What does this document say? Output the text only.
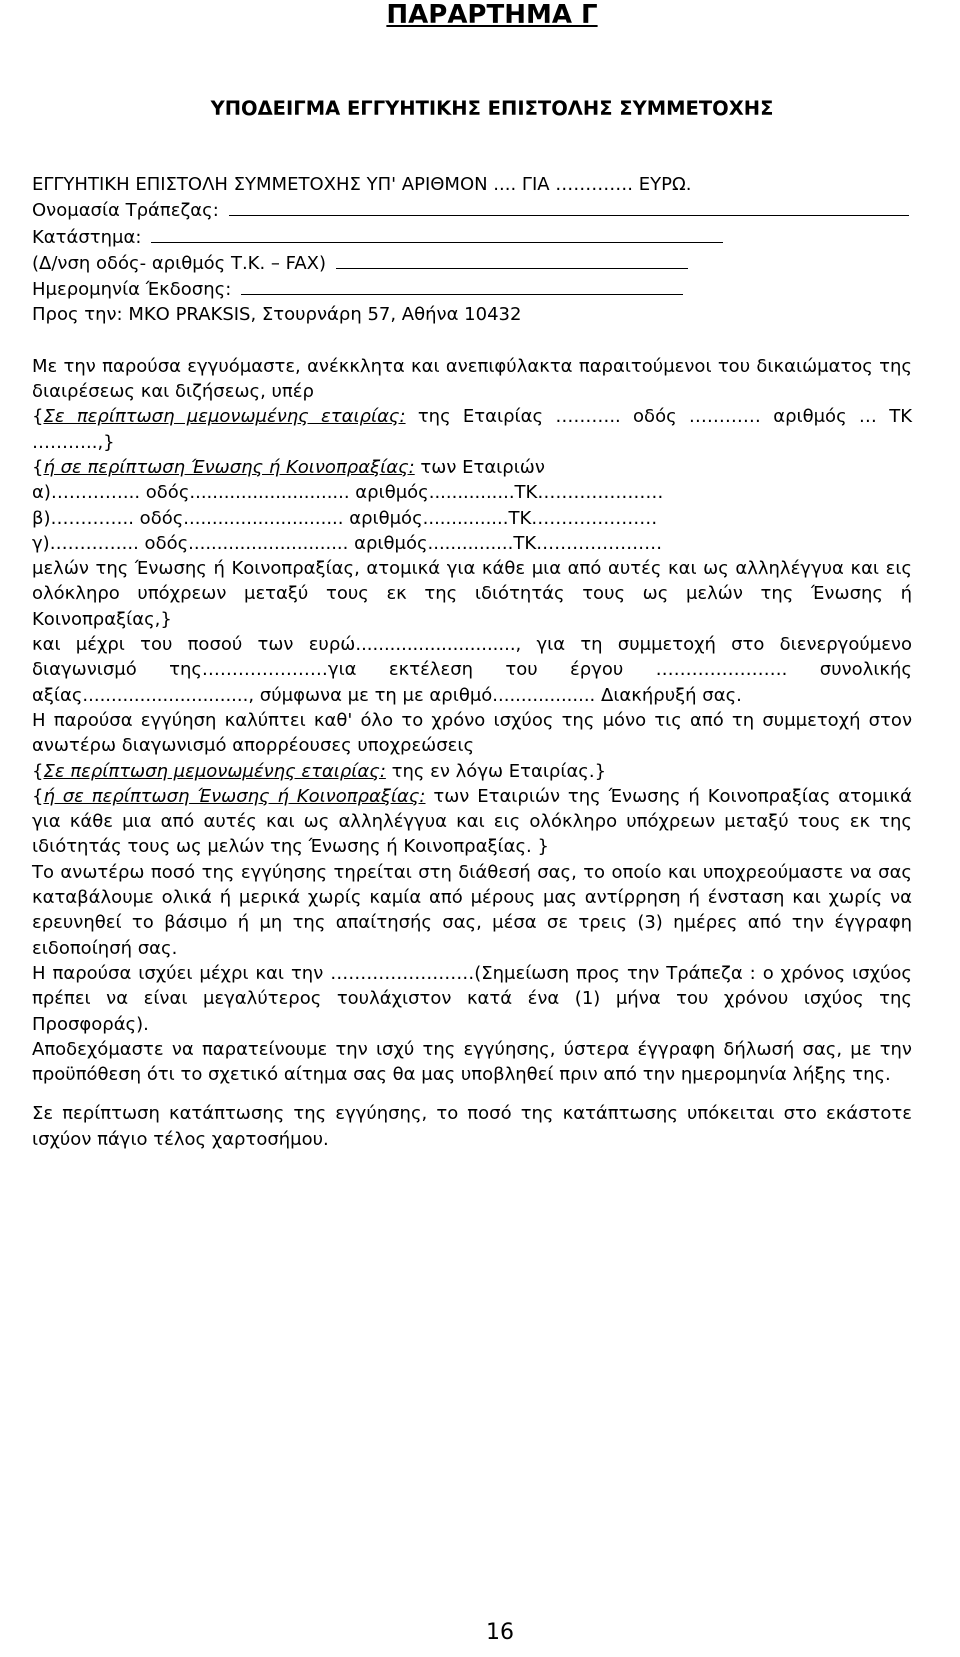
ΠΑΡΑΡΤΗΜΑ Γ
ΥΠΟΔΕΙΓΜΑ ΕΓΓΥΗΤΙΚΗΣ ΕΠΙΣΤΟΛΗΣ ΣΥΜΜΕΤΟΧΗΣ
ΕΓΓΥΗΤΙΚΗ ΕΠΙΣΤΟΛΗ ΣΥΜΜΕΤΟΧΗΣ ΥΠ' ΑΡΙΘΜΟΝ .... ΓΙΑ …………. ΕΥΡΩ.
Ονομασία Τράπεζας:
Κατάστημα:
(Δ/νση οδός- αριθμός Τ.Κ. – FAX)
Ημερομηνία Έκδοσης:
Προς την: ΜΚΟ PRAKSIS, Στουρνάρη 57, Αθήνα 10432

Με την παρούσα εγγυόμαστε, ανέκκλητα και ανεπιφύλακτα παραιτούμενοι του δικαιώματος της διαιρέσεως και διζήσεως, υπέρ

{Σε περίπτωση μεμονωμένης εταιρίας: της Εταιρίας ……….. οδός ………… αριθμός … ΤΚ ………..,}

{ή σε περίπτωση Ένωσης ή Κοινοπραξίας: των Εταιριών

α)…………... οδός............................ αριθμός...............ΤΚ…………………

β)………….. οδός............................ αριθμός...............ΤΚ…………………

γ)…………... οδός............................ αριθμός...............ΤΚ…………………

μελών της Ένωσης ή Κοινοπραξίας, ατομικά για κάθε μια από αυτές και ως αλληλέγγυα και εις ολόκληρο υπόχρεων μεταξύ τους εκ της ιδιότητάς τους ως μελών της Ένωσης ή Κοινοπραξίας,}

και μέχρι του ποσού των ευρώ............................, για τη συμμετοχή στο διενεργούμενο διαγωνισμό της…………………για εκτέλεση του έργου …………………. συνολικής αξίας............................., σύμφωνα με τη με αριθμό.................. Διακήρυξή σας.

Η παρούσα εγγύηση καλύπτει καθ' όλο το χρόνο ισχύος της μόνο τις από τη συμμετοχή στον ανωτέρω διαγωνισμό απορρέουσες υποχρεώσεις

{Σε περίπτωση μεμονωμένης εταιρίας: της εν λόγω Εταιρίας.}

{ή σε περίπτωση Ένωσης ή Κοινοπραξίας: των Εταιριών της Ένωσης ή Κοινοπραξίας ατομικά για κάθε μια από αυτές και ως αλληλέγγυα και εις ολόκληρο υπόχρεων μεταξύ τους εκ της ιδιότητάς τους ως μελών της Ένωσης ή Κοινοπραξίας. }

Το ανωτέρω ποσό της εγγύησης τηρείται στη διάθεσή σας, το οποίο και υποχρεούμαστε να σας καταβάλουμε ολικά ή μερικά χωρίς καμία από μέρους μας αντίρρηση ή ένσταση και χωρίς να ερευνηθεί το βάσιμο ή μη της απαίτησής σας, μέσα σε τρεις (3) ημέρες από την έγγραφη ειδοποίησή σας.

Η παρούσα ισχύει μέχρι και την ……………………(Σημείωση προς την Τράπεζα : ο χρόνος ισχύος πρέπει να είναι μεγαλύτερος τουλάχιστον κατά ένα (1) μήνα του χρόνου ισχύος της Προσφοράς).

Αποδεχόμαστε να παρατείνουμε την ισχύ της εγγύησης, ύστερα έγγραφη δήλωσή σας, με την προϋπόθεση ότι το σχετικό αίτημα σας θα μας υποβληθεί πριν από την ημερομηνία λήξης της.

Σε περίπτωση κατάπτωσης της εγγύησης, το ποσό της κατάπτωσης υπόκειται στο εκάστοτε ισχύον πάγιο τέλος χαρτοσήμου.

16
